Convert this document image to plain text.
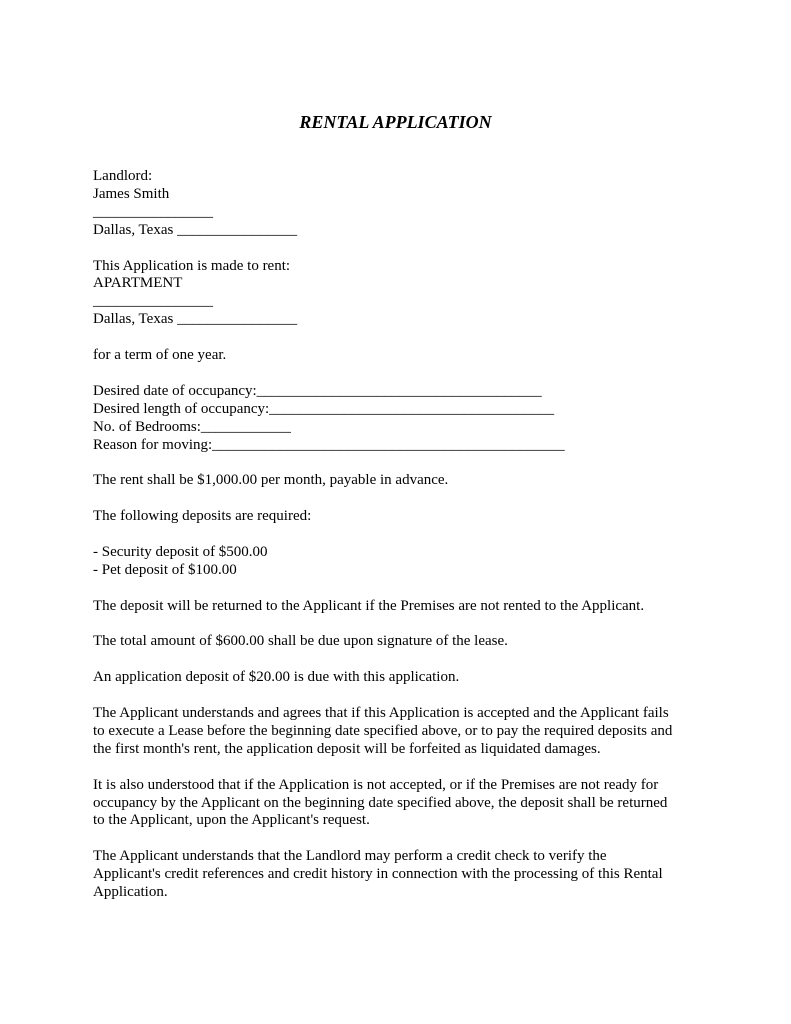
RENTAL APPLICATION
Landlord:
James Smith
________________
Dallas, Texas ________________
This Application is made to rent:
APARTMENT
________________
Dallas, Texas ________________
for a term of one year.
Desired date of occupancy:______________________________________
Desired length of occupancy:______________________________________
No. of Bedrooms:____________
Reason for moving:_______________________________________________
The rent shall be $1,000.00 per month, payable in advance.
The following deposits are required:
- Security deposit of $500.00
- Pet deposit of $100.00
The deposit will be returned to the Applicant if the Premises are not rented to the Applicant.
The total amount of $600.00 shall be due upon signature of the lease.
An application deposit of $20.00 is due with this application.
The Applicant understands and agrees that if this Application is accepted and the Applicant fails
to execute a Lease before the beginning date specified above, or to pay the required deposits and
the first month's rent, the application deposit will be forfeited as liquidated damages.
It is also understood that if the Application is not accepted, or if the Premises are not ready for
occupancy by the Applicant on the beginning date specified above, the deposit shall be returned
to the Applicant, upon the Applicant's request.
The Applicant understands that the Landlord may perform a credit check to verify the
Applicant's credit references and credit history in connection with the processing of this Rental
Application.
